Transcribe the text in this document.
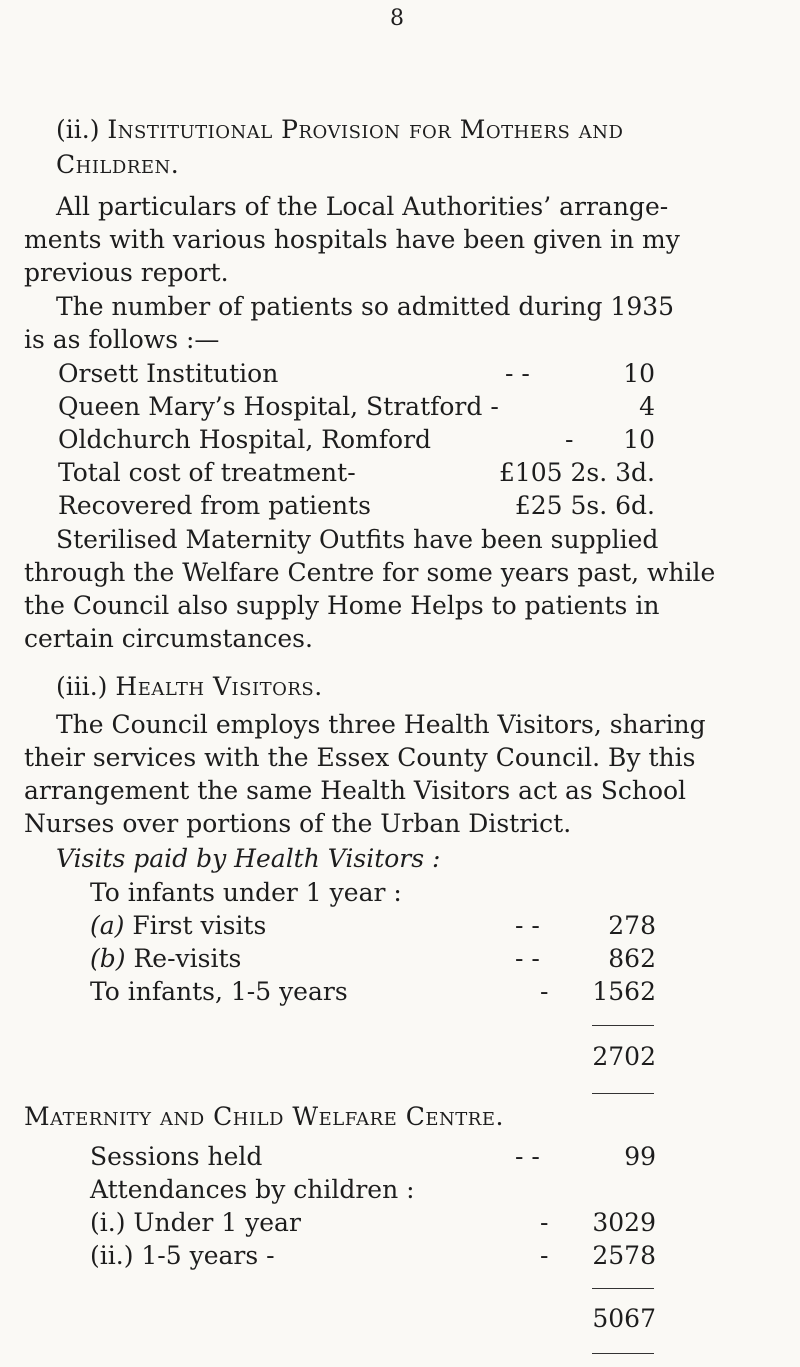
8
(ii.) Institutional Provision for Mothers and
Children.
All particulars of the Local Authorities’ arrange-
ments with various hospitals have been given in my
previous report.
The number of patients so admitted during 1935
is as follows :—
Orsett Institution	- -	10
Queen Mary’s Hospital, Stratford -	4
Oldchurch Hospital, Romford	-	10
Total cost of treatment-	£105 2s. 3d.
Recovered from patients	£25 5s. 6d.
Sterilised Maternity Outfits have been supplied
through the Welfare Centre for some years past, while
the Council also supply Home Helps to patients in
certain circumstances.
(iii.) Health Visitors.
The Council employs three Health Visitors, sharing
their services with the Essex County Council. By this
arrangement the same Health Visitors act as School
Nurses over portions of the Urban District.
Visits paid by Health Visitors :
To infants under 1 year :
(a) First visits	- -	278
(b) Re-visits	- -	862
To infants, 1-5 years	-	1562
2702
Maternity and Child Welfare Centre.
Sessions held	- -	99
Attendances by children :
(i.) Under 1 year	-	3029
(ii.) 1-5 years -	-	2578
5067
